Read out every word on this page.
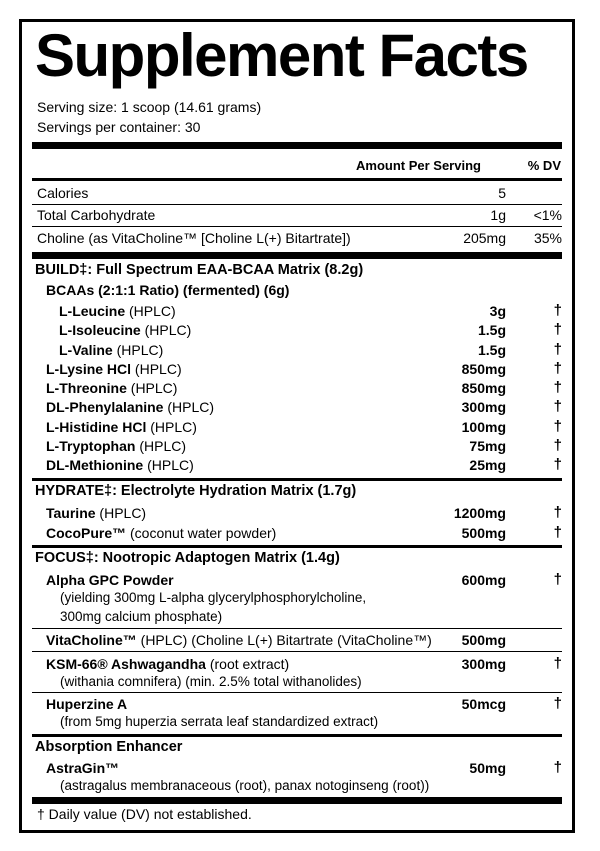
Supplement Facts
Serving size: 1 scoop (14.61 grams)
Servings per container: 30
Amount Per Serving	% DV
Calories	5
Total Carbohydrate	1g	<1%
Choline (as VitaCholine™ [Choline L(+) Bitartrate])	205mg	35%
BUILD‡: Full Spectrum EAA-BCAA Matrix (8.2g)
BCAAs (2:1:1 Ratio) (fermented) (6g)
L-Leucine (HPLC)	3g	†
L-Isoleucine (HPLC)	1.5g	†
L-Valine (HPLC)	1.5g	†
L-Lysine HCl (HPLC)	850mg	†
L-Threonine (HPLC)	850mg	†
DL-Phenylalanine (HPLC)	300mg	†
L-Histidine HCl (HPLC)	100mg	†
L-Tryptophan (HPLC)	75mg	†
DL-Methionine (HPLC)	25mg	†
HYDRATE‡: Electrolyte Hydration Matrix (1.7g)
Taurine (HPLC)	1200mg	†
CocoPure™ (coconut water powder)	500mg	†
FOCUS‡: Nootropic Adaptogen Matrix (1.4g)
Alpha GPC Powder	600mg	†
(yielding 300mg L-alpha glycerylphosphorylcholine,
300mg calcium phosphate)
VitaCholine™ (HPLC) (Choline L(+) Bitartrate (VitaCholine™) 500mg
KSM-66® Ashwagandha (root extract)	300mg	†
(withania comnifera) (min. 2.5% total withanolides)
Huperzine A	50mcg	†
(from 5mg huperzia serrata leaf standardized extract)
Absorption Enhancer
AstraGin™	50mg	†
(astragalus membranaceous (root), panax notoginseng (root))
† Daily value (DV) not established.
